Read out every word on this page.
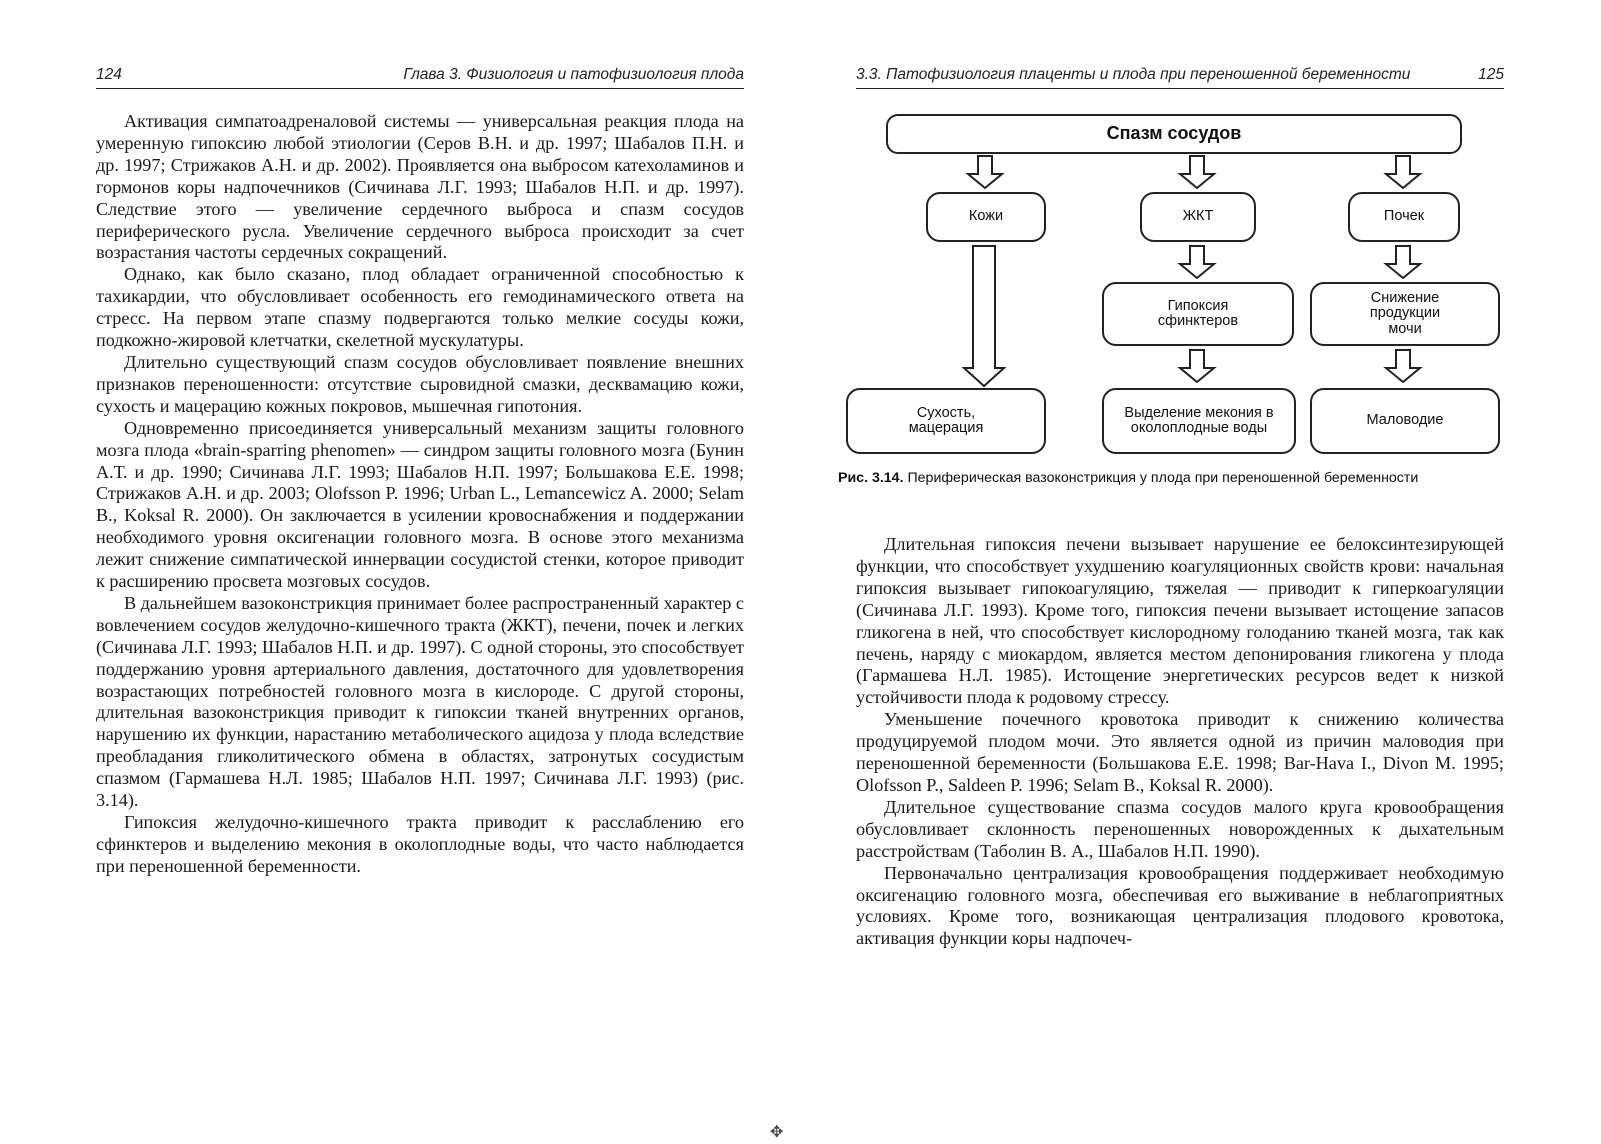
124	Глава 3. Физиология и патофизиология плода

Активация симпатоадреналовой системы — универсальная реакция плода на умеренную гипоксию любой этиологии (Серов В.Н. и др. 1997; Шабалов П.Н. и др. 1997; Стрижаков А.Н. и др. 2002). Проявляется она выбросом катехоламинов и гормонов коры надпочечников (Сичинава Л.Г. 1993; Шабалов Н.П. и др. 1997). Следствие этого — увеличение сердечного выброса и спазм сосудов периферического русла. Увеличение сердечного выброса происходит за счет возрастания частоты сердечных сокращений.

Однако, как было сказано, плод обладает ограниченной способностью к тахикардии, что обусловливает особенность его гемодинамического ответа на стресс. На первом этапе спазму подвергаются только мелкие сосуды кожи, подкожно-жировой клетчатки, скелетной мускулатуры.

Длительно существующий спазм сосудов обусловливает появление внешних признаков переношенности: отсутствие сыровидной смазки, десквамацию кожи, сухость и мацерацию кожных покровов, мышечная гипотония.

Одновременно присоединяется универсальный механизм защиты головного мозга плода «brain-sparring phenomen» — синдром защиты головного мозга (Бунин А.Т. и др. 1990; Сичинава Л.Г. 1993; Шабалов Н.П. 1997; Большакова Е.Е. 1998; Стрижаков А.Н. и др. 2003; Olofsson P. 1996; Urban L., Lemancewicz A. 2000; Selam B., Koksal R. 2000). Он заключается в усилении кровоснабжения и поддержании необходимого уровня оксигенации головного мозга. В основе этого механизма лежит снижение симпатической иннервации сосудистой стенки, которое приводит к расширению просвета мозговых сосудов.

В дальнейшем вазоконстрикция принимает более распространенный характер с вовлечением сосудов желудочно-кишечного тракта (ЖКТ), печени, почек и легких (Сичинава Л.Г. 1993; Шабалов Н.П. и др. 1997). С одной стороны, это способствует поддержанию уровня артериального давления, достаточного для удовлетворения возрастающих потребностей головного мозга в кислороде. С другой стороны, длительная вазоконстрикция приводит к гипоксии тканей внутренних органов, нарушению их функции, нарастанию метаболического ацидоза у плода вследствие преобладания гликолитического обмена в областях, затронутых сосудистым спазмом (Гармашева Н.Л. 1985; Шабалов Н.П. 1997; Сичинава Л.Г. 1993) (рис. 3.14).

Гипоксия желудочно-кишечного тракта приводит к расслаблению его сфинктеров и выделению мекония в околоплодные воды, что часто наблюдается при переношенной беременности.

3.3. Патофизиология плаценты и плода при переношенной беременности	125
Спазм сосудов
Кожи	ЖКТ	Почек
Гипоксия сфинктеров
Снижение продукции мочи
Сухость, мацерация
Выделение мекония в околоплодные воды	Маловодие
Рис. 3.14. Периферическая вазоконстрикция у плода при переношенной беременности

Длительная гипоксия печени вызывает нарушение ее белоксинтезирующей функции, что способствует ухудшению коагуляционных свойств крови: начальная гипоксия вызывает гипокоагуляцию, тяжелая — приводит к гиперкоагуляции (Сичинава Л.Г. 1993). Кроме того, гипоксия печени вызывает истощение запасов гликогена в ней, что способствует кислородному голоданию тканей мозга, так как печень, наряду с миокардом, является местом депонирования гликогена у плода (Гармашева Н.Л. 1985). Истощение энергетических ресурсов ведет к низкой устойчивости плода к родовому стрессу.

Уменьшение почечного кровотока приводит к снижению количества продуцируемой плодом мочи. Это является одной из причин маловодия при переношенной беременности (Большакова Е.Е. 1998; Bar-Hava I., Divon M. 1995; Olofsson P., Saldeen P. 1996; Selam B., Koksal R. 2000).

Длительное существование спазма сосудов малого круга кровообращения обусловливает склонность переношенных новорожденных к дыхательным расстройствам (Таболин В. А., Шабалов Н.П. 1990).

Первоначально централизация кровообращения поддерживает необходимую оксигенацию головного мозга, обеспечивая его выживание в неблагоприятных условиях. Кроме того, возникающая централизация плодового кровотока, активация функции коры надпочеч-

✥
